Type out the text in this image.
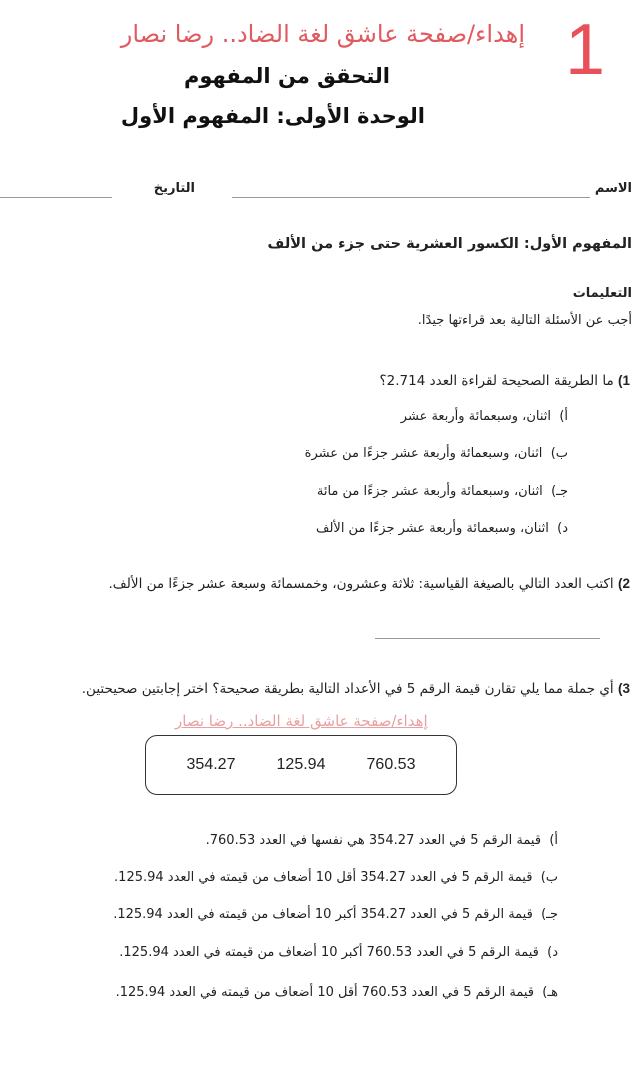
1
إهداء/صفحة عاشق لغة الضاد.. رضا نصار
التحقق من المفهوم
الوحدة الأولى: المفهوم الأول
الاسم
التاريخ
المفهوم الأول: الكسور العشرية حتى جزء من الألف
التعليمات
أجب عن الأسئلة التالية بعد قراءتها جيدًا.
1) ما الطريقة الصحيحة لقراءة العدد 2.714؟
أ)  اثنان، وسبعمائة وأربعة عشر
ب)  اثنان، وسبعمائة وأربعة عشر جزءًا من عشرة
جـ)  اثنان، وسبعمائة وأربعة عشر جزءًا من مائة
د)  اثنان، وسبعمائة وأربعة عشر جزءًا من الألف
2) اكتب العدد التالي بالصيغة القياسية: ثلاثة وعشرون، وخمسمائة وسبعة عشر جزءًا من الألف.
3) أي جملة مما يلي تقارن قيمة الرقم 5 في الأعداد التالية بطريقة صحيحة؟ اختر إجابتين صحيحتين.
إهداء/صفحة عاشق لغة الضاد.. رضا نصار
354.27	125.94	760.53
أ)  قيمة الرقم 5 في العدد 354.27 هي نفسها في العدد 760.53.
ب)  قيمة الرقم 5 في العدد 354.27 أقل 10 أضعاف من قيمته في العدد 125.94.
جـ)  قيمة الرقم 5 في العدد 354.27 أكبر 10 أضعاف من قيمته في العدد 125.94.
د)  قيمة الرقم 5 في العدد 760.53 أكبر 10 أضعاف من قيمته في العدد 125.94.
هـ)  قيمة الرقم 5 في العدد 760.53 أقل 10 أضعاف من قيمته في العدد 125.94.
